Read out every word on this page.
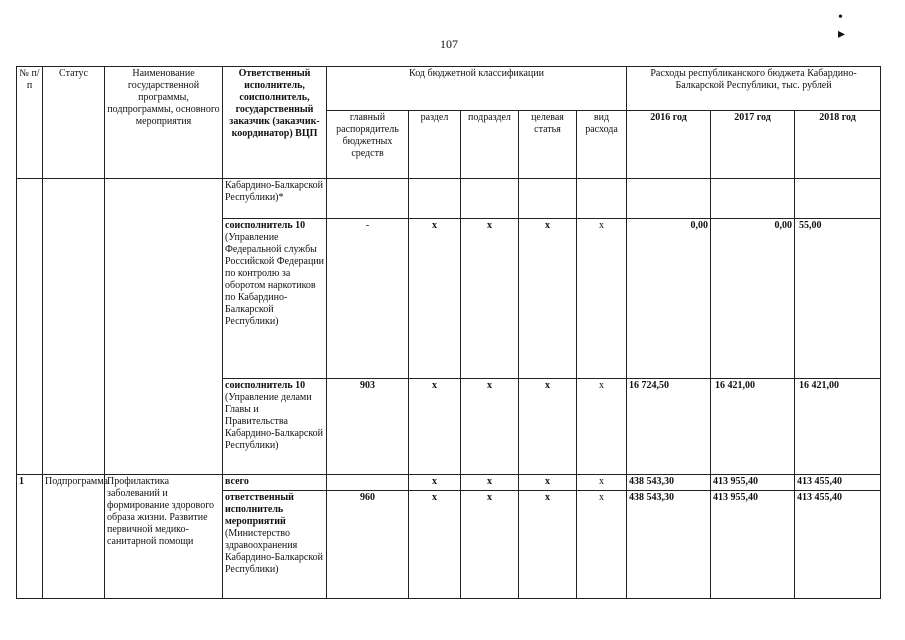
107
• ▸
№ п/п	Статус	Наименование государственной программы, подпрограммы, основного мероприятия	Ответственный исполнитель, соисполнитель, государственный заказчик (заказчик-координатор) ВЦП	Код бюджетной классификации					Расходы республиканского бюджета Кабардино-Балкарской Республики, тыс. рублей		
				главный распорядитель бюджетных средств	раздел	подраздел	целевая статья	вид расхода	2016 год	2017 год	2018 год
			Кабардино-Балкарской Республики)*								
			соисполнитель 10 (Управление Федеральной службы Российской Федерации по контролю за оборотом наркотиков по Кабардино-Балкарской Республики)	-	x	x	x	x	0,00	0,00	55,00
			соисполнитель 10 (Управление делами Главы и Правительства Кабардино-Балкарской Республики)	903	x	x	x	x	16 724,50	16 421,00	16 421,00
1	Подпрограмма	Профилактика заболеваний и формирование здорового образа жизни. Развитие первичной медико-санитарной помощи	всего		x	x	x	x	438 543,30	413 955,40	413 455,40
			ответственный исполнитель мероприятий (Министерство здравоохранения Кабардино-Балкарской Республики)	960	x	x	x	x	438 543,30	413 955,40	413 455,40
